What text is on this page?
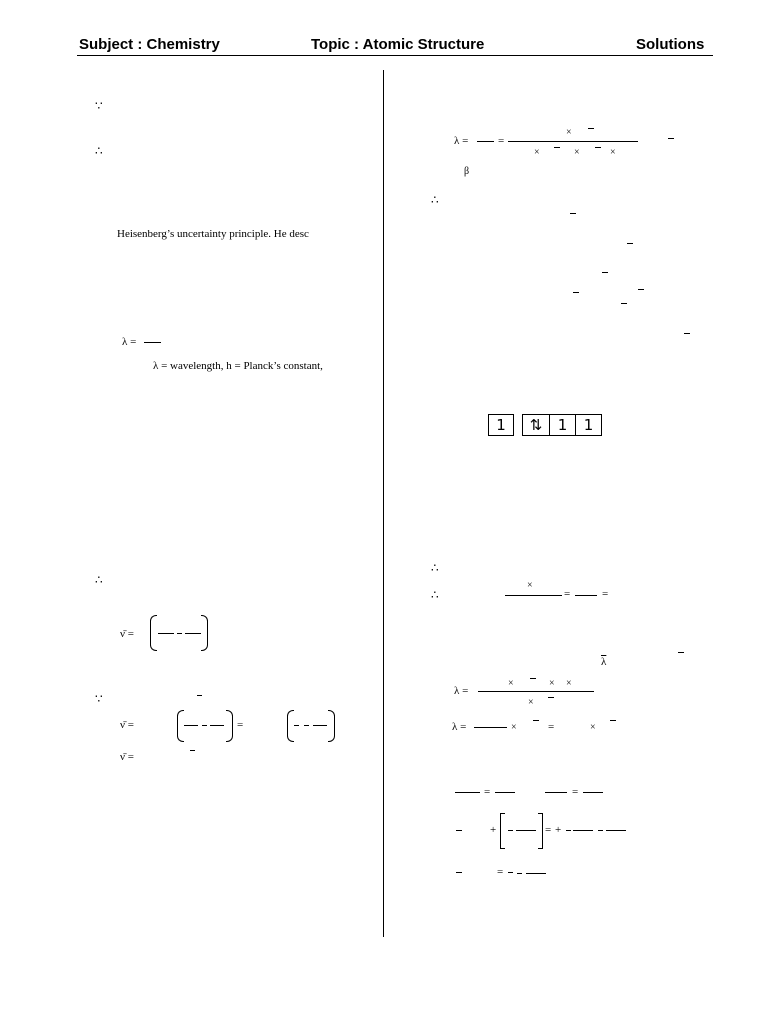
Subject : Chemistry	Topic : Atomic Structure	Solutions
∵
∴
Heisenberg’s uncertainty principle. He desc
λ =
λ = wavelength, h = Planck’s constant,
∴
ν̄ =
∵
ν̄ =	=
ν̄ =
×
λ =	=
×	×	×
β
∴
1	⇅	1	1
∴
∴
×
=	=
$\overline{\lambda}$
×	× ×
λ =
×
λ =	×	=	×
=	=
+	= +
=
